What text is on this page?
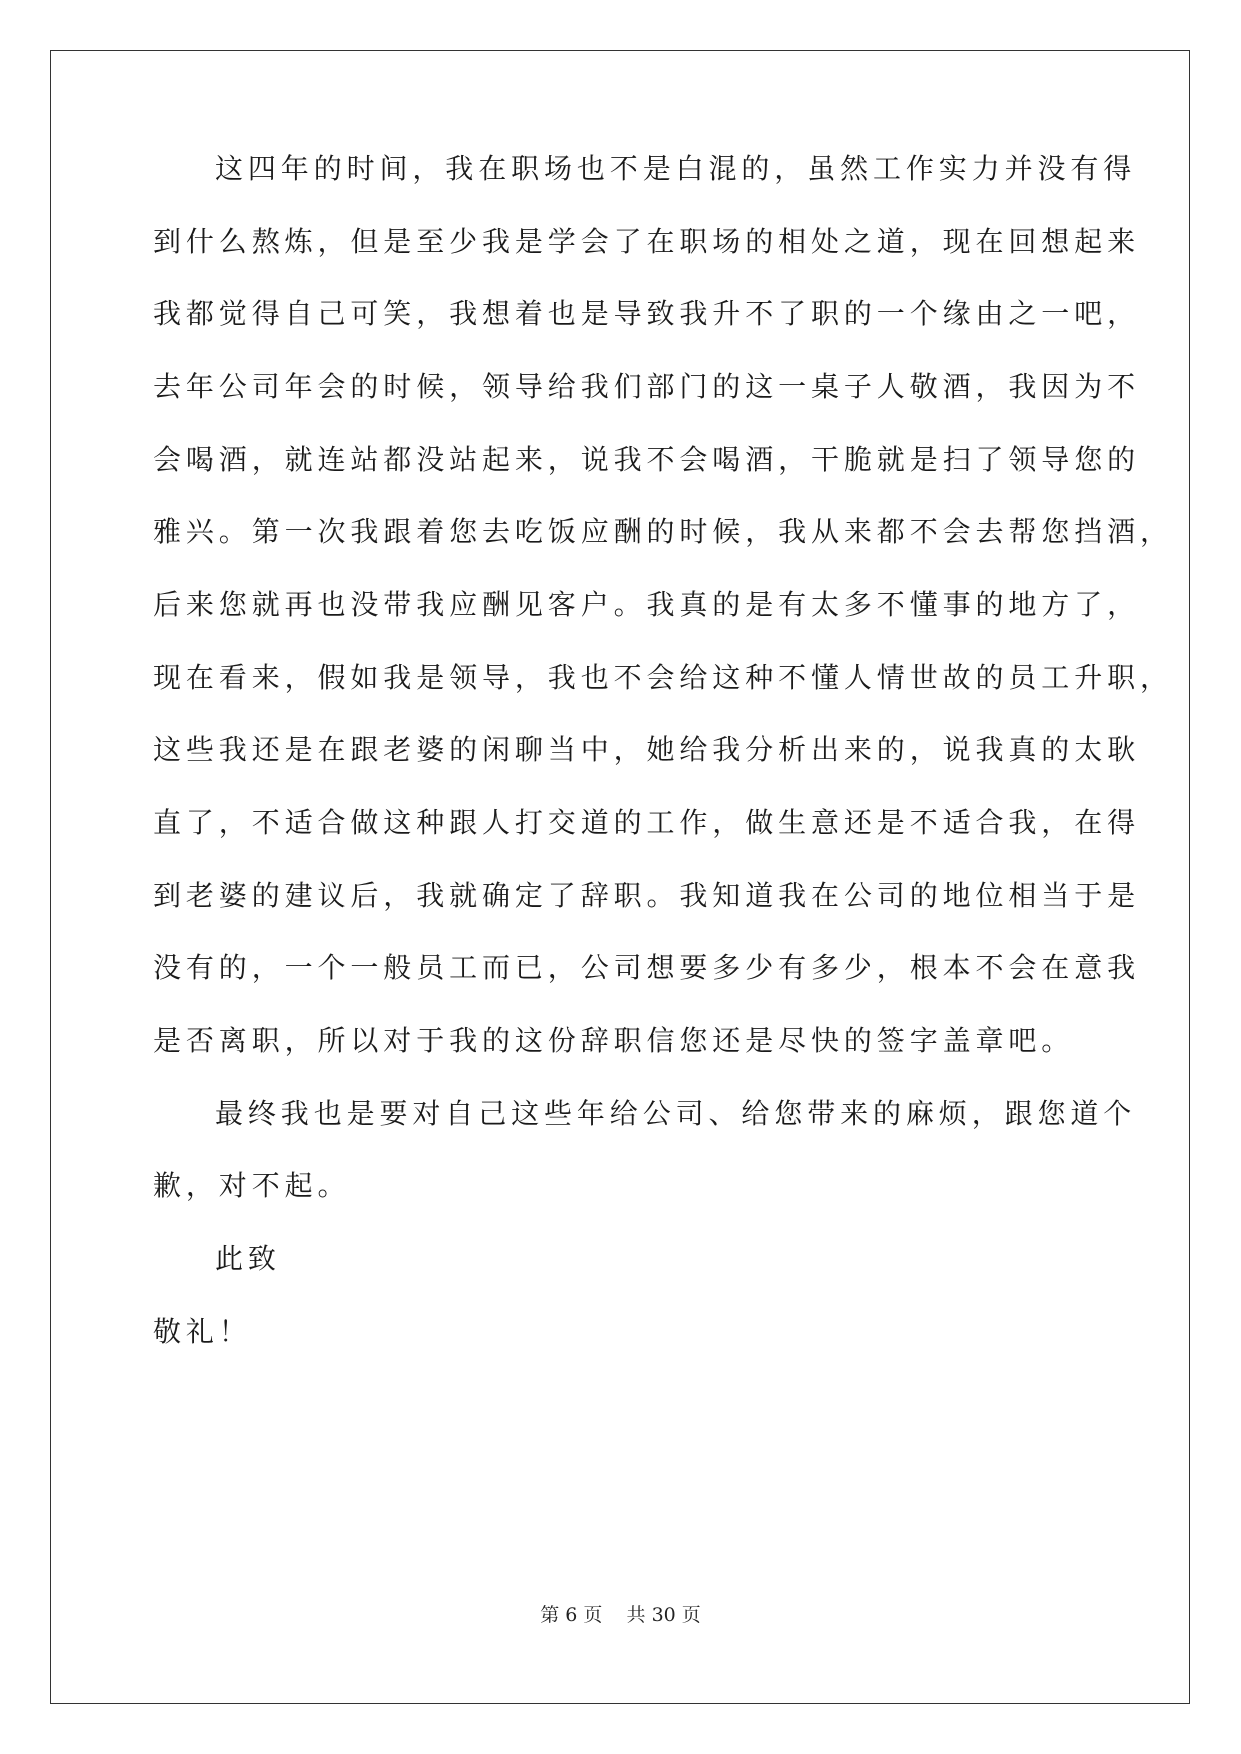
这四年的时间，我在职场也不是白混的，虽然工作实力并没有得
到什么熬炼，但是至少我是学会了在职场的相处之道，现在回想起来
我都觉得自己可笑，我想着也是导致我升不了职的一个缘由之一吧，
去年公司年会的时候，领导给我们部门的这一桌子人敬酒，我因为不
会喝酒，就连站都没站起来，说我不会喝酒，干脆就是扫了领导您的
雅兴。第一次我跟着您去吃饭应酬的时候，我从来都不会去帮您挡酒，
后来您就再也没带我应酬见客户。我真的是有太多不懂事的地方了，
现在看来，假如我是领导，我也不会给这种不懂人情世故的员工升职，
这些我还是在跟老婆的闲聊当中，她给我分析出来的，说我真的太耿
直了，不适合做这种跟人打交道的工作，做生意还是不适合我，在得
到老婆的建议后，我就确定了辞职。我知道我在公司的地位相当于是
没有的，一个一般员工而已，公司想要多少有多少，根本不会在意我
是否离职，所以对于我的这份辞职信您还是尽快的签字盖章吧。
最终我也是要对自己这些年给公司、给您带来的麻烦，跟您道个
歉，对不起。
此致
敬礼！
第 6 页 共 30 页
